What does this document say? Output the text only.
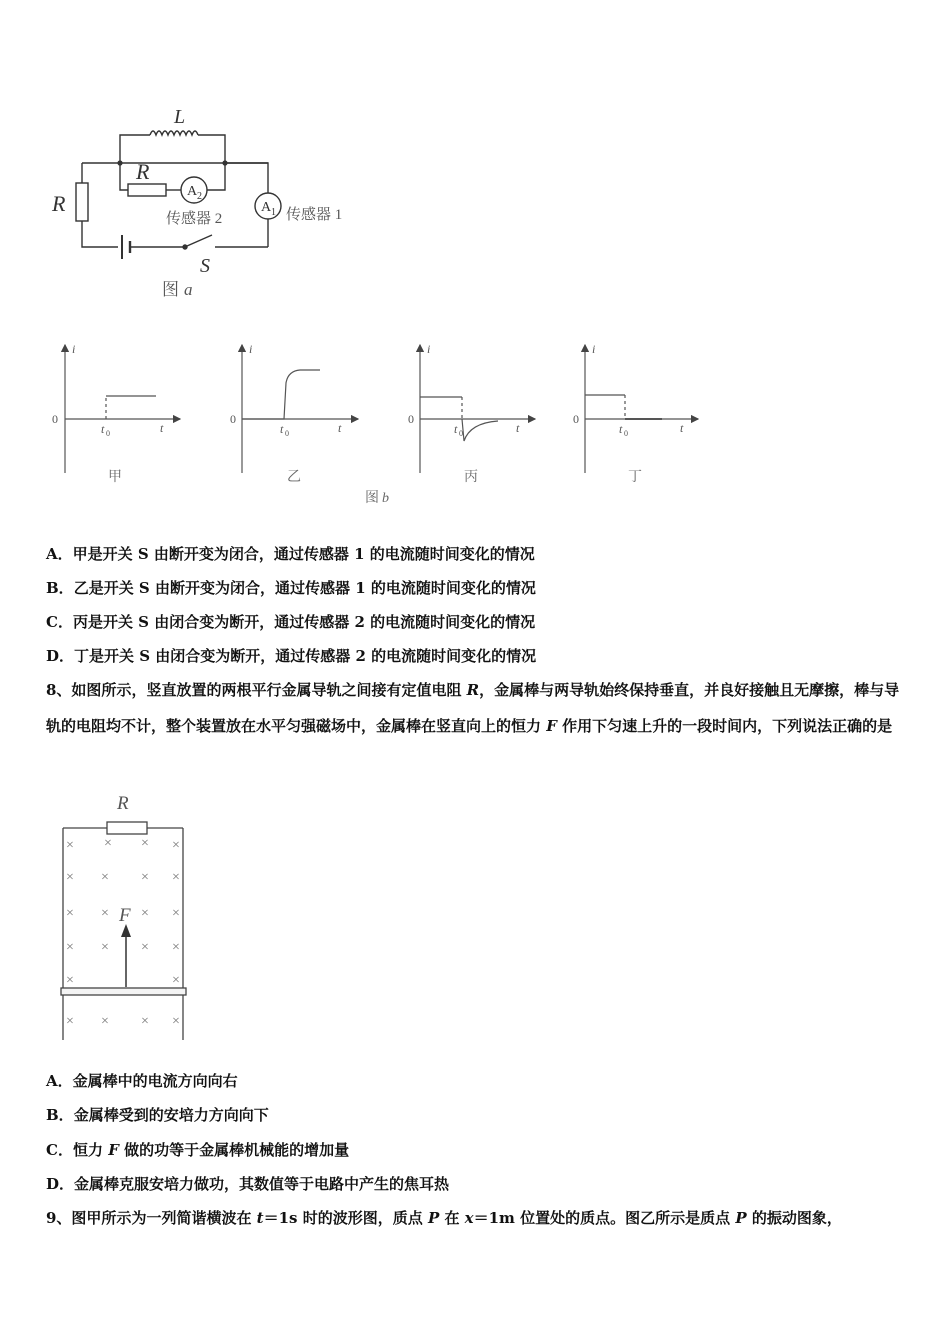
L
R
R	A 2
A 1
传感器 2	传感器 1
S
图 a
i	i	i	i
t	t	t	t
0	0	0	0
t 0	t 0	t 0	t 0
甲	乙	丙	丁
图 b
A．甲是开关 S 由断开变为闭合，通过传感器 1 的电流随时间变化的情况
B．乙是开关 S 由断开变为闭合，通过传感器 1 的电流随时间变化的情况
C．丙是开关 S 由闭合变为断开，通过传感器 2 的电流随时间变化的情况
D．丁是开关 S 由闭合变为断开，通过传感器 2 的电流随时间变化的情况
8、如图所示，竖直放置的两根平行金属导轨之间接有定值电阻 R，金属棒与两导轨始终保持垂直，并良好接触且无摩擦，棒与导轨的电阻均不计，整个装置放在水平匀强磁场中，金属棒在竖直向上的恒力 F 作用下匀速上升的一段时间内，下列说法正确的是
R
F
× × × ×
× × × ×
× × × ×
× × × ×
×	×
× × × ×
A．金属棒中的电流方向向右
B．金属棒受到的安培力方向向下
C．恒力 F 做的功等于金属棒机械能的增加量
D．金属棒克服安培力做功，其数值等于电路中产生的焦耳热
9、图甲所示为一列简谐横波在 t＝1s 时的波形图，质点 P 在 x＝1m 位置处的质点。图乙所示是质点 P 的振动图象，
